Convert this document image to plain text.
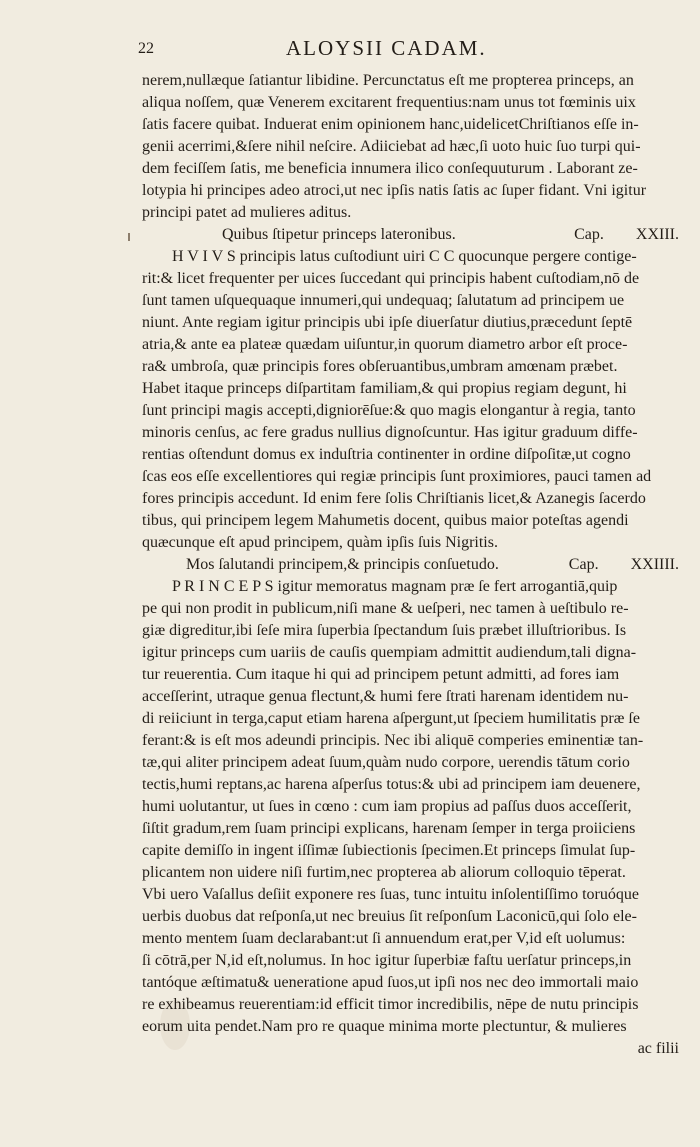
22	ALOYSII CADAM.
nerem,nullæque ſatiantur libidine. Percunctatus eſt me propterea princeps, an
aliqua noſſem, quæ Venerem excitarent frequentius:nam unus tot fœminis uix
ſatis facere quibat. Induerat enim opinionem hanc,uidelicetChriſtianos eſſe in-
genii acerrimi,&ſere nihil neſcire. Adiiciebat ad hæc,ſi uoto huic ſuo turpi qui-
dem feciſſem ſatis, me beneficia innumera ilico conſequuturum . Laborant ze-
lotypia hi principes adeo atroci,ut nec ipſis natis ſatis ac ſuper fidant. Vni igitur
principi patet ad mulieres aditus.
Quibus ſtipetur princeps lateronibus.	Cap. XXIII.
H V I V S principis latus cuſtodiunt uiri C C quocunque pergere contige-
rit:& licet frequenter per uices ſuccedant qui principis habent cuſtodiam,nō de
ſunt tamen uſquequaque innumeri,qui undequaq; ſalutatum ad principem ue
niunt. Ante regiam igitur principis ubi ipſe diuerſatur diutius,præcedunt ſeptē
atria,& ante ea plateæ quædam uiſuntur,in quorum diametro arbor eſt proce-
ra& umbroſa, quæ principis fores obſeruantibus,umbram amœnam præbet.
Habet itaque princeps diſpartitam familiam,& qui propius regiam degunt, hi
ſunt principi magis accepti,digniorēſue:& quo magis elongantur à regia, tanto
minoris cenſus, ac fere gradus nullius dignoſcuntur. Has igitur graduum diffe-
rentias oſtendunt domus ex induſtria continenter in ordine diſpoſitæ,ut cogno
ſcas eos eſſe excellentiores qui regiæ principis ſunt proximiores, pauci tamen ad
fores principis accedunt. Id enim fere ſolis Chriſtianis licet,& Azanegis ſacerdo
tibus, qui principem legem Mahumetis docent, quibus maior poteſtas agendi
quæcunque eſt apud principem, quàm ipſis ſuis Nigritis.
Mos ſalutandi principem,& principis conſuetudo.	Cap. XXIIII.
P R I N C E P S igitur memoratus magnam præ ſe fert arrogantiā,quip
pe qui non prodit in publicum,niſi mane & ueſperi, nec tamen à ueſtibulo re-
giæ digreditur,ibi ſeſe mira ſuperbia ſpectandum ſuis præbet illuſtrioribus. Is
igitur princeps cum uariis de cauſis quempiam admittit audiendum,tali digna-
tur reuerentia. Cum itaque hi qui ad principem petunt admitti, ad fores iam
acceſſerint, utraque genua flectunt,& humi fere ſtrati harenam identidem nu-
di reiiciunt in terga,caput etiam harena aſpergunt,ut ſpeciem humilitatis præ ſe
ferant:& is eſt mos adeundi principis. Nec ibi aliquē comperies eminentiæ tan-
tæ,qui aliter principem adeat ſuum,quàm nudo corpore, uerendis tātum corio
tectis,humi reptans,ac harena aſperſus totus:& ubi ad principem iam deuenere,
humi uolutantur, ut ſues in cœno : cum iam propius ad paſſus duos acceſſerit,
ſiſtit gradum,rem ſuam principi explicans, harenam ſemper in terga proiiciens
capite demiſſo in ingent iſſimæ ſubiectionis ſpecimen.Et princeps ſimulat ſup-
plicantem non uidere niſi furtim,nec propterea ab aliorum colloquio tēperat.
Vbi uero Vaſallus deſiit exponere res ſuas, tunc intuitu inſolentiſſimo toruóque
uerbis duobus dat reſponſa,ut nec breuius ſit reſponſum Laconicū,qui ſolo ele-
mento mentem ſuam declarabant:ut ſi annuendum erat,per V,id eſt uolumus:
ſi cōtrā,per N,id eſt,nolumus. In hoc igitur ſuperbiæ faſtu uerſatur princeps,in
tantóque æſtimatu& ueneratione apud ſuos,ut ipſi nos nec deo immortali maio
re exhibeamus reuerentiam:id efficit timor incredibilis, nēpe de nutu principis
eorum uita pendet.Nam pro re quaque minima morte plectuntur, & mulieres
ac filii
